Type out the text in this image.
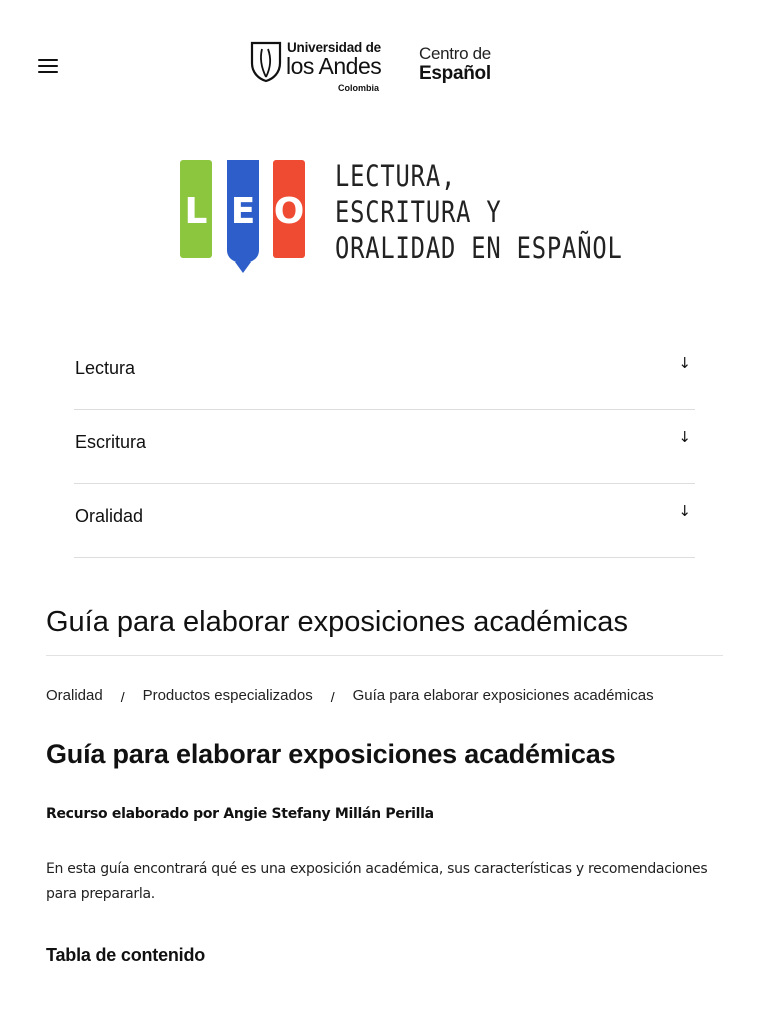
Universidad de
los Andes
Colombia
Centro de
Español
L E O
LECTURA,
ESCRITURA Y
ORALIDAD EN ESPAÑOL
Lectura	↓
Escritura	↓
Oralidad	↓
Guía para elaborar exposiciones académicas
Oralidad / Productos especializados / Guía para elaborar exposiciones académicas
Guía para elaborar exposiciones académicas

Recurso elaborado por Angie Stefany Millán Perilla

En esta guía encontrará qué es una exposición académica, sus características y recomendaciones para prepararla.

Tabla de contenido
